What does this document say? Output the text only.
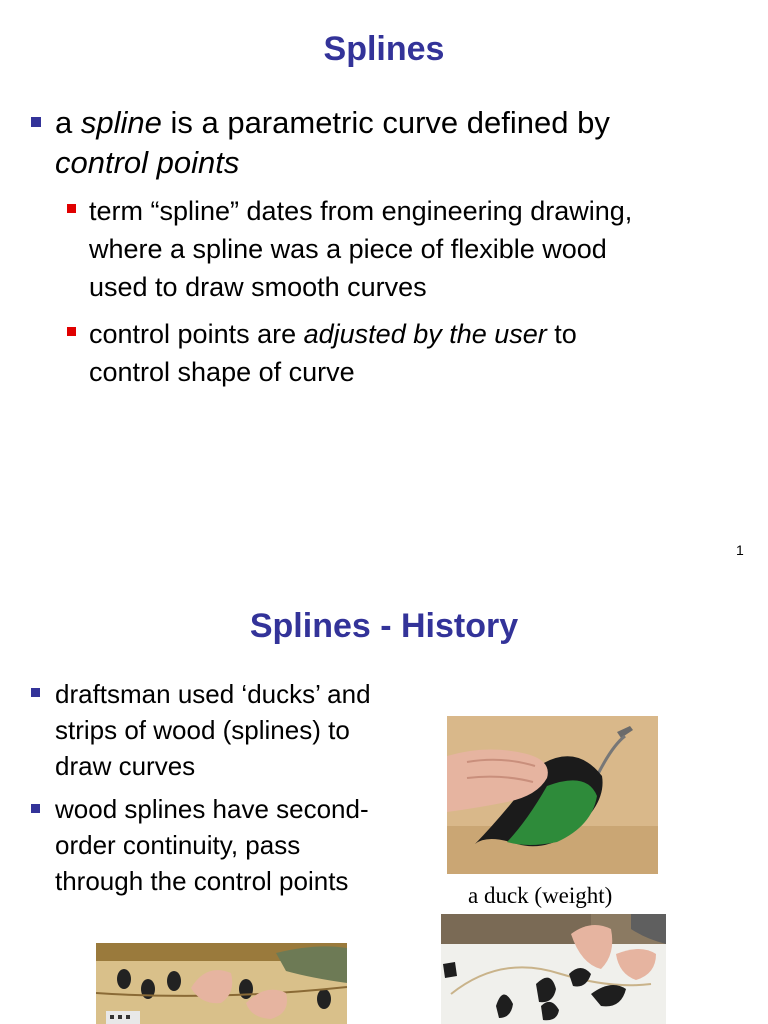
Splines
a spline is a parametric curve defined by
control points
term “spline” dates from engineering drawing,
where a spline was a piece of flexible wood
used to draw smooth curves
control points are adjusted by the user to
control shape of curve
1
Splines - History
draftsman used ‘ducks’ and
strips of wood (splines) to
draw curves
wood splines have second-
order continuity, pass
through the control points	a duck (weight)
